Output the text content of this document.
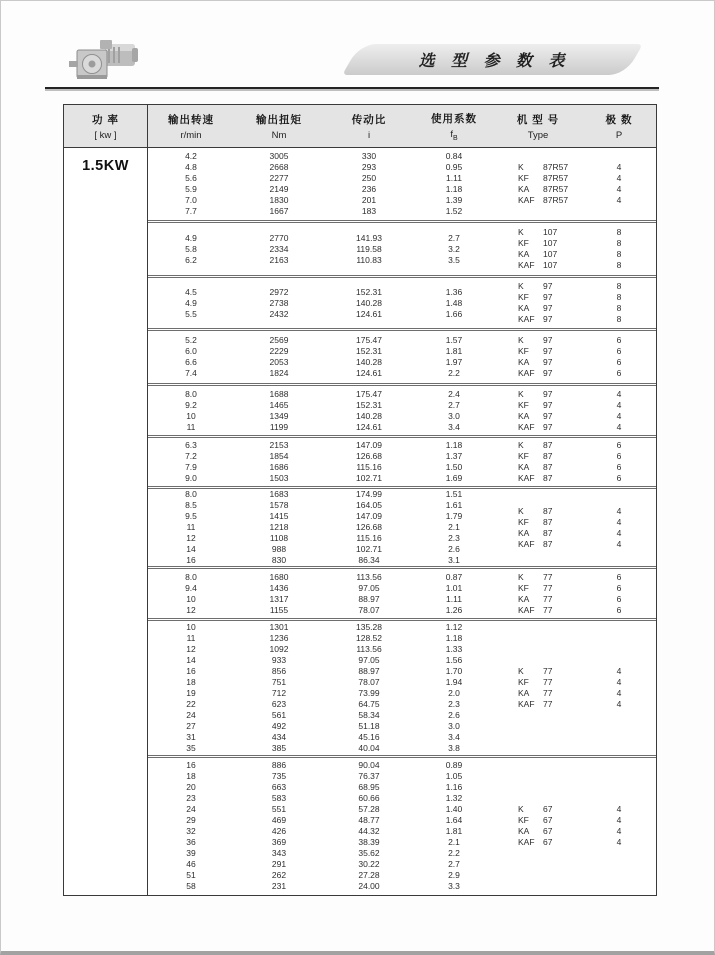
选 型 参 数 表
功 率
[ kw ]
输出转速
r/min
输出扭矩
Nm
传动比
i
使用系数
$f_B$
机 型 号
Type
极 数
P
1.5KW
4.2
4.8
5.6
5.9
7.0
7.7
3005
2668
2277
2149
1830
1667
330
293
250
236
201
183
0.84
0.95
1.11
1.18
1.39
1.52
K 87R57
KF 87R57
KA 87R57
KAF 87R57
4
4
4
4
4.9
5.8
6.2
2770
2334
2163
141.93
119.58
110.83
2.7
3.2
3.5
K 107
KF 107
KA 107
KAF 107
8
8
8
8
4.5
4.9
5.5
2972
2738
2432
152.31
140.28
124.61
1.36
1.48
1.66
K 97
KF 97
KA 97
KAF 97
8
8
8
8
5.2
6.0
6.6
7.4
2569
2229
2053
1824
175.47
152.31
140.28
124.61
1.57
1.81
1.97
2.2
K 97
KF 97
KA 97
KAF 97
6
6
6
6
8.0
9.2
10
11
1688
1465
1349
1199
175.47
152.31
140.28
124.61
2.4
2.7
3.0
3.4
K 97
KF 97
KA 97
KAF 97
4
4
4
4
6.3
7.2
7.9
9.0
2153
1854
1686
1503
147.09
126.68
115.16
102.71
1.18
1.37
1.50
1.69
K 87
KF 87
KA 87
KAF 87
6
6
6
6
8.0
8.5
9.5
11
12
14
16
1683
1578
1415
1218
1108
988
830
174.99
164.05
147.09
126.68
115.16
102.71
86.34
1.51
1.61
1.79
2.1
2.3
2.6
3.1
K 87
KF 87
KA 87
KAF 87
4
4
4
4
8.0
9.4
10
12
1680
1436
1317
1155
113.56
97.05
88.97
78.07
0.87
1.01
1.11
1.26
K 77
KF 77
KA 77
KAF 77
6
6
6
6
10
11
12
14
16
18
19
22
24
27
31
35
1301
1236
1092
933
856
751
712
623
561
492
434
385
135.28
128.52
113.56
97.05
88.97
78.07
73.99
64.75
58.34
51.18
45.16
40.04
1.12
1.18
1.33
1.56
1.70
1.94
2.0
2.3
2.6
3.0
3.4
3.8
K 77
KF 77
KA 77
KAF 77
4
4
4
4
16
18
20
23
24
29
32
36
39
46
51
58
886
735
663
583
551
469
426
369
343
291
262
231
90.04
76.37
68.95
60.66
57.28
48.77
44.32
38.39
35.62
30.22
27.28
24.00
0.89
1.05
1.16
1.32
1.40
1.64
1.81
2.1
2.2
2.7
2.9
3.3
K 67
KF 67
KA 67
KAF 67
4
4
4
4
